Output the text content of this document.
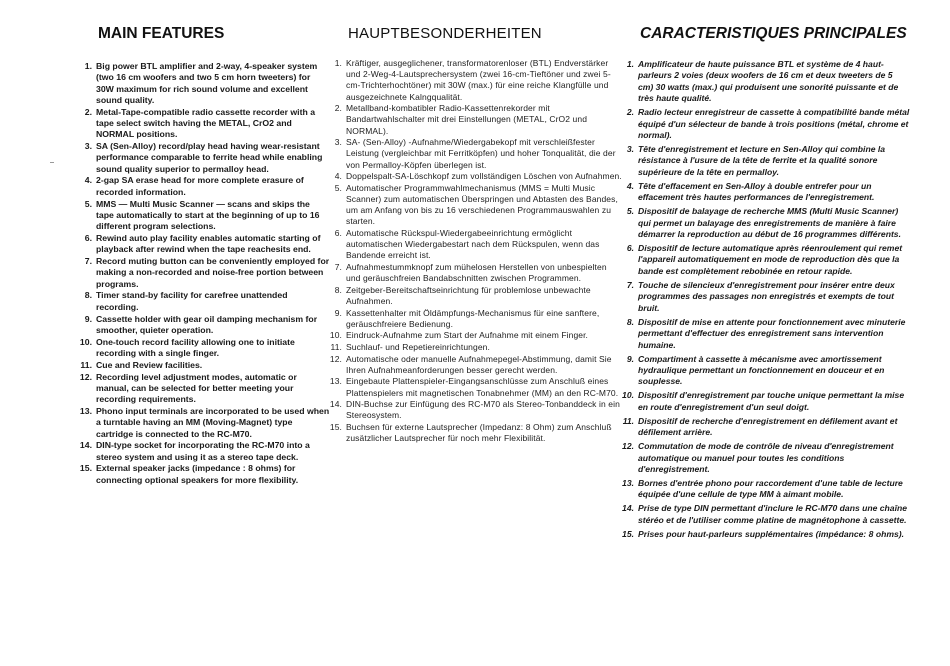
MAIN FEATURES
1. Big power BTL amplifier and 2-way, 4-speaker system (two 16 cm woofers and two 5 cm horn tweeters) for 30W maximum for rich sound volume and excellent sound quality.
2. Metal-Tape-compatible radio cassette recorder with a tape select switch having the METAL, CrO2 and NORMAL positions.
3. SA (Sen-Alloy) record/play head having wear-resistant performance comparable to ferrite head while enabling sound quality superior to permalloy head.
4. 2-gap SA erase head for more complete erasure of recorded information.
5. MMS — Multi Music Scanner — scans and skips the tape automatically to start at the beginning of up to 16 different program selections.
6. Rewind auto play facility enables automatic starting of playback after rewind when the tape reachesits end.
7. Record muting button can be conveniently employed for making a non-recorded and noise-free portion between programs.
8. Timer stand-by facility for carefree unattended recording.
9. Cassette holder with gear oil damping mechanism for smoother, quieter operation.
10. One-touch record facility allowing one to initiate recording with a single finger.
11. Cue and Review facilities.
12. Recording level adjustment modes, automatic or manual, can be selected for better meeting your recording requirements.
13. Phono input terminals are incorporated to be used when a turntable having an MM (Moving-Magnet) type cartridge is connected to the RC-M70.
14. DIN-type socket for incorporating the RC-M70 into a stereo system and using it as a stereo tape deck.
15. External speaker jacks (impedance : 8 ohms) for connecting optional speakers for more flexibility.
HAUPTBESONDERHEITEN
1. Kräftiger, ausgeglichener, transformatorenloser (BTL) Endverstärker und 2-Weg-4-Lautsprechersystem (zwei 16-cm-Tieftöner und zwei 5-cm-Trichterhochtöner) mit 30W (max.) für eine reiche Klangfülle und ausgezeichnete Kalngqualität.
2. Metallband-kombatibler Radio-Kassettenrekorder mit Bandartwahlschalter mit drei Einstellungen (METAL, CrO2 und NORMAL).
3. SA- (Sen-Alloy) -Aufnahme/Wiedergabekopf mit verschleißfester Leistung (vergleichbar mit Ferritköpfen) und hoher Tonqualität, die der von Permalloy-Köpfen überlegen ist.
4. Doppelspalt-SA-Löschkopf zum vollständigen Löschen von Aufnahmen.
5. Automatischer Programmwahlmechanismus (MMS = Multi Music Scanner) zum automatischen Überspringen und Abtasten des Bandes, um am Anfang von bis zu 16 verschiedenen Programmauswahlen zu starten.
6. Automatische Rückspul-Wiedergabeeinrichtung ermöglicht automatischen Wiedergabestart nach dem Rückspulen, wenn das Bandende erreicht ist.
7. Aufnahmestummknopf zum mühelosen Herstellen von unbespielten und geräuschfreien Bandabschnitten zwischen Programmen.
8. Zeitgeber-Bereitschaftseinrichtung für problemlose unbewachte Aufnahmen.
9. Kassettenhalter mit Öldämpfungs-Mechanismus für eine sanftere, geräuschfreiere Bedienung.
10. Eindruck-Aufnahme zum Start der Aufnahme mit einem Finger.
11. Suchlauf- und Repetiereinrichtungen.
12. Automatische oder manuelle Aufnahmepegel-Abstimmung, damit Sie Ihren Aufnahmeanforderungen besser gerecht werden.
13. Eingebaute Plattenspieler-Eingangsanschlüsse zum Anschluß eines Plattenspielers mit magnetischen Tonabnehmer (MM) an den RC-M70.
14. DIN-Buchse zur Einfügung des RC-M70 als Stereo-Tonbanddeck in ein Stereosystem.
15. Buchsen für externe Lautsprecher (Impedanz: 8 Ohm) zum Anschluß zusätzlicher Lautsprecher für noch mehr Flexibilität.
CARACTERISTIQUES PRINCIPALES
1. Amplificateur de haute puissance BTL et système de 4 haut-parleurs 2 voies (deux woofers de 16 cm et deux tweeters de 5 cm) 30 watts (max.) qui produisent une sonorité puissante et de très haute qualité.
2. Radio lecteur enregistreur de cassette à compatibilité bande métal équipé d'un sélecteur de bande à trois positions (métal, chrome et normal).
3. Tête d'enregistrement et lecture en Sen-Alloy qui combine la résistance à l'usure de la tête de ferrite et la qualité sonore supérieure de la tête en permalloy.
4. Tête d'effacement en Sen-Alloy à double entrefer pour un effacement très hautes performances de l'enregistrement.
5. Dispositif de balayage de recherche MMS (Multi Music Scanner) qui permet un balayage des enregistrements de manière à faire démarrer la reproduction au début de 16 programmes différents.
6. Dispositif de lecture automatique après réenroulement qui remet l'appareil automatiquement en mode de reproduction dès que la bande est complètement rebobinée en retour rapide.
7. Touche de silencieux d'enregistrement pour insérer entre deux programmes des passages non enregistrés et exempts de tout bruit.
8. Dispositif de mise en attente pour fonctionnement avec minuterie permettant d'effectuer des enregistrement sans intervention humaine.
9. Compartiment à cassette à mécanisme avec amortissement hydraulique permettant un fonctionnement en douceur et en souplesse.
10. Dispositif d'enregistrement par touche unique permettant la mise en route d'enregistrement d'un seul doigt.
11. Dispositif de recherche d'enregistrement en défilement avant et défilement arrière.
12. Commutation de mode de contrôle de niveau d'enregistrement automatique ou manuel pour toutes les conditions d'enregistrement.
13. Bornes d'entrée phono pour raccordement d'une table de lecture équipée d'une cellule de type MM à aimant mobile.
14. Prise de type DIN permettant d'inclure le RC-M70 dans une chaîne stéréo et de l'utiliser comme platine de magnétophone à cassette.
15. Prises pour haut-parleurs supplémentaires (impédance: 8 ohms).
